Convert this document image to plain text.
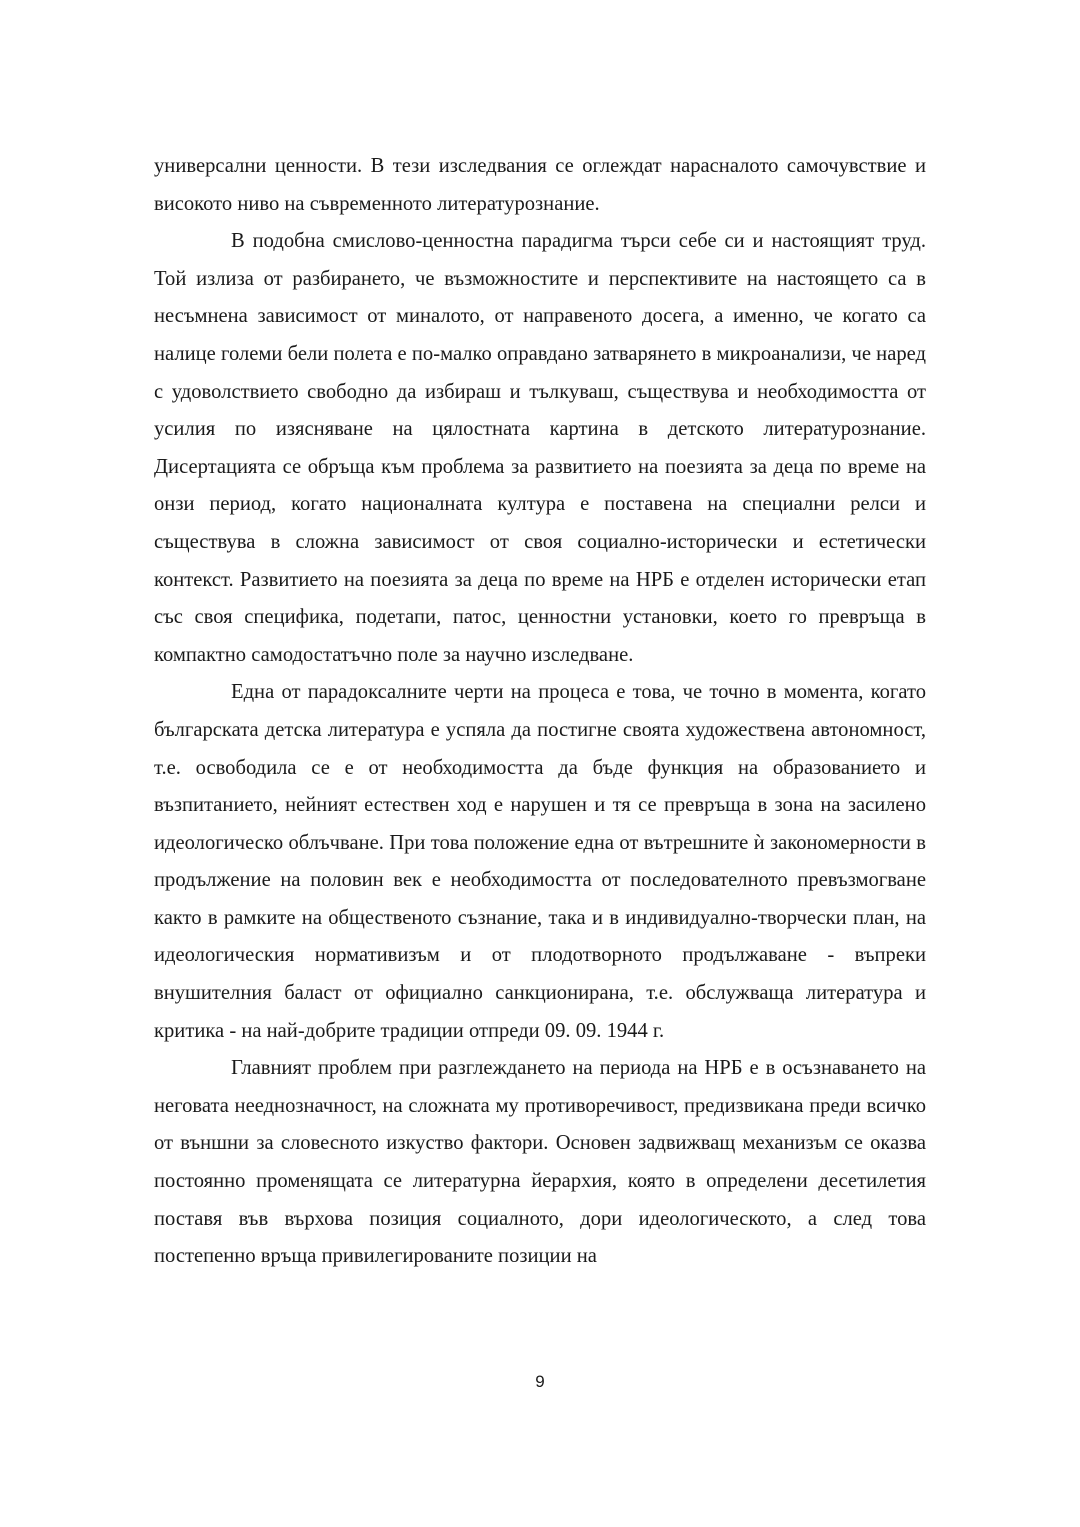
универсални ценности. В тези изследвания се оглеждат нарасналото самочувствие и високото ниво на съвременното литературознание.

В подобна смислово-ценностна парадигма търси себе си и настоящият труд. Той излиза от разбирането, че възможностите и перспективите на настоящето са в несъмнена зависимост от миналото, от направеното досега, а именно, че когато са налице големи бели полета е по-малко оправдано затварянето в микроанализи, че наред с удоволствието свободно да избираш и тълкуваш, съществува и необходимостта от усилия по изясняване на цялостната картина в детското литературознание. Дисертацията се обръща към проблема за развитието на поезията за деца по време на онзи период, когато националната култура е поставена на специални релси и съществува в сложна зависимост от своя социално-исторически и естетически контекст. Развитието на поезията за деца по време на НРБ е отделен исторически етап със своя специфика, подетапи, патос, ценностни установки, което го превръща в компактно самодостатъчно поле за научно изследване.

Една от парадоксалните черти на процеса е това, че точно в момента, когато българската детска литература е успяла да постигне своята художествена автономност, т.е. освободила се е от необходимостта да бъде функция на образованието и възпитанието, нейният естествен ход е нарушен и тя се превръща в зона на засилено идеологическо облъчване. При това положение една от вътрешните ѝ закономерности в продължение на половин век е необходимостта от последователното превъзмогване както в рамките на общественото съзнание, така и в индивидуално-творчески план, на идеологическия нормативизъм и от плодотворното продължаване - въпреки внушителния баласт от официално санкционирана, т.е. обслужваща литература и критика - на най-добрите традиции отпреди 09. 09. 1944 г.

Главният проблем при разглеждането на периода на НРБ е в осъзнаването на неговата нееднозначност, на сложната му противоречивост, предизвикана преди всичко от външни за словесното изкуство фактори. Основен задвижващ механизъм се оказва постоянно променящата се литературна йерархия, която в определени десетилетия поставя във върхова позиция социалното, дори идеологическото, а след това постепенно връща привилегированите позиции на

9
